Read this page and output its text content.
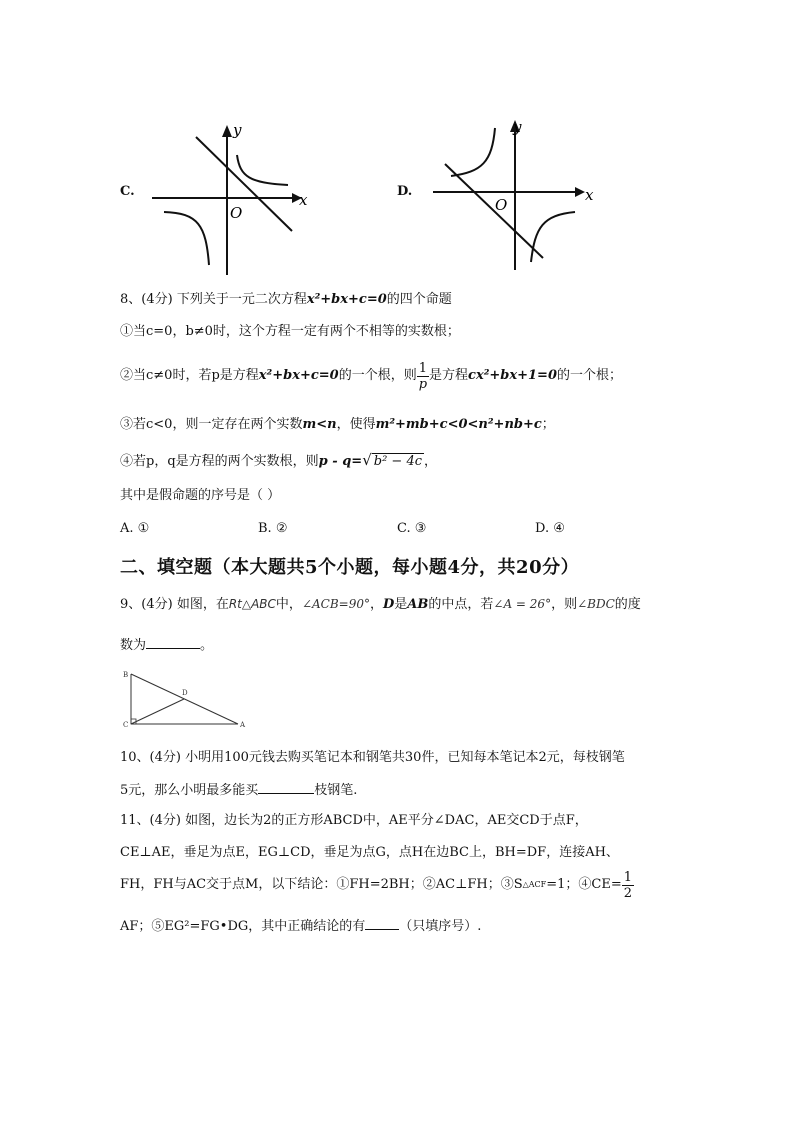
C.
O
y
x	D.
O
y
x
8、(4分) 下列关于一元二次方程x²+bx+c=0的四个命题
①当c=0，b≠0时，这个方程一定有两个不相等的实数根；
②当c≠0时，若p是方程 x²+bx+c=0 的一个根，则 $\frac{1}{p}$ 是方程 cx²+bx+1=0 的一个根；
③若c<0，则一定存在两个实数m<n，使得m²+mb+c<0<n²+nb+c；
④若p，q是方程的两个实数根，则p - q=√ b² − 4c ，
其中是假命题的序号是（ ）
A. ①	B. ②	C. ③	D. ④
二、填空题（本大题共5个小题，每小题4分，共20分）
9、(4分) 如图，在Rt△ABC中，∠ACB=90°，D是AB的中点，若∠A = 26°，则∠BDC的度
数为	。
B
D
C	A
10、(4分) 小明用100元钱去购买笔记本和钢笔共30件，已知每本笔记本2元，每枝钢笔
5元，那么小明最多能买	枝钢笔.
11、(4分) 如图，边长为2的正方形ABCD中，AE平分∠DAC，AE交CD于点F，
CE⊥AE，垂足为点E，EG⊥CD，垂足为点G，点H在边BC上，BH=DF，连接AH、
FH，FH与AC交于点M，以下结论：①FH=2BH；②AC⊥FH；③S △ACF =1；④CE= $\frac{1}{2}$
AF；⑤EG²=FG•DG，其中正确结论的有	（只填序号）.
